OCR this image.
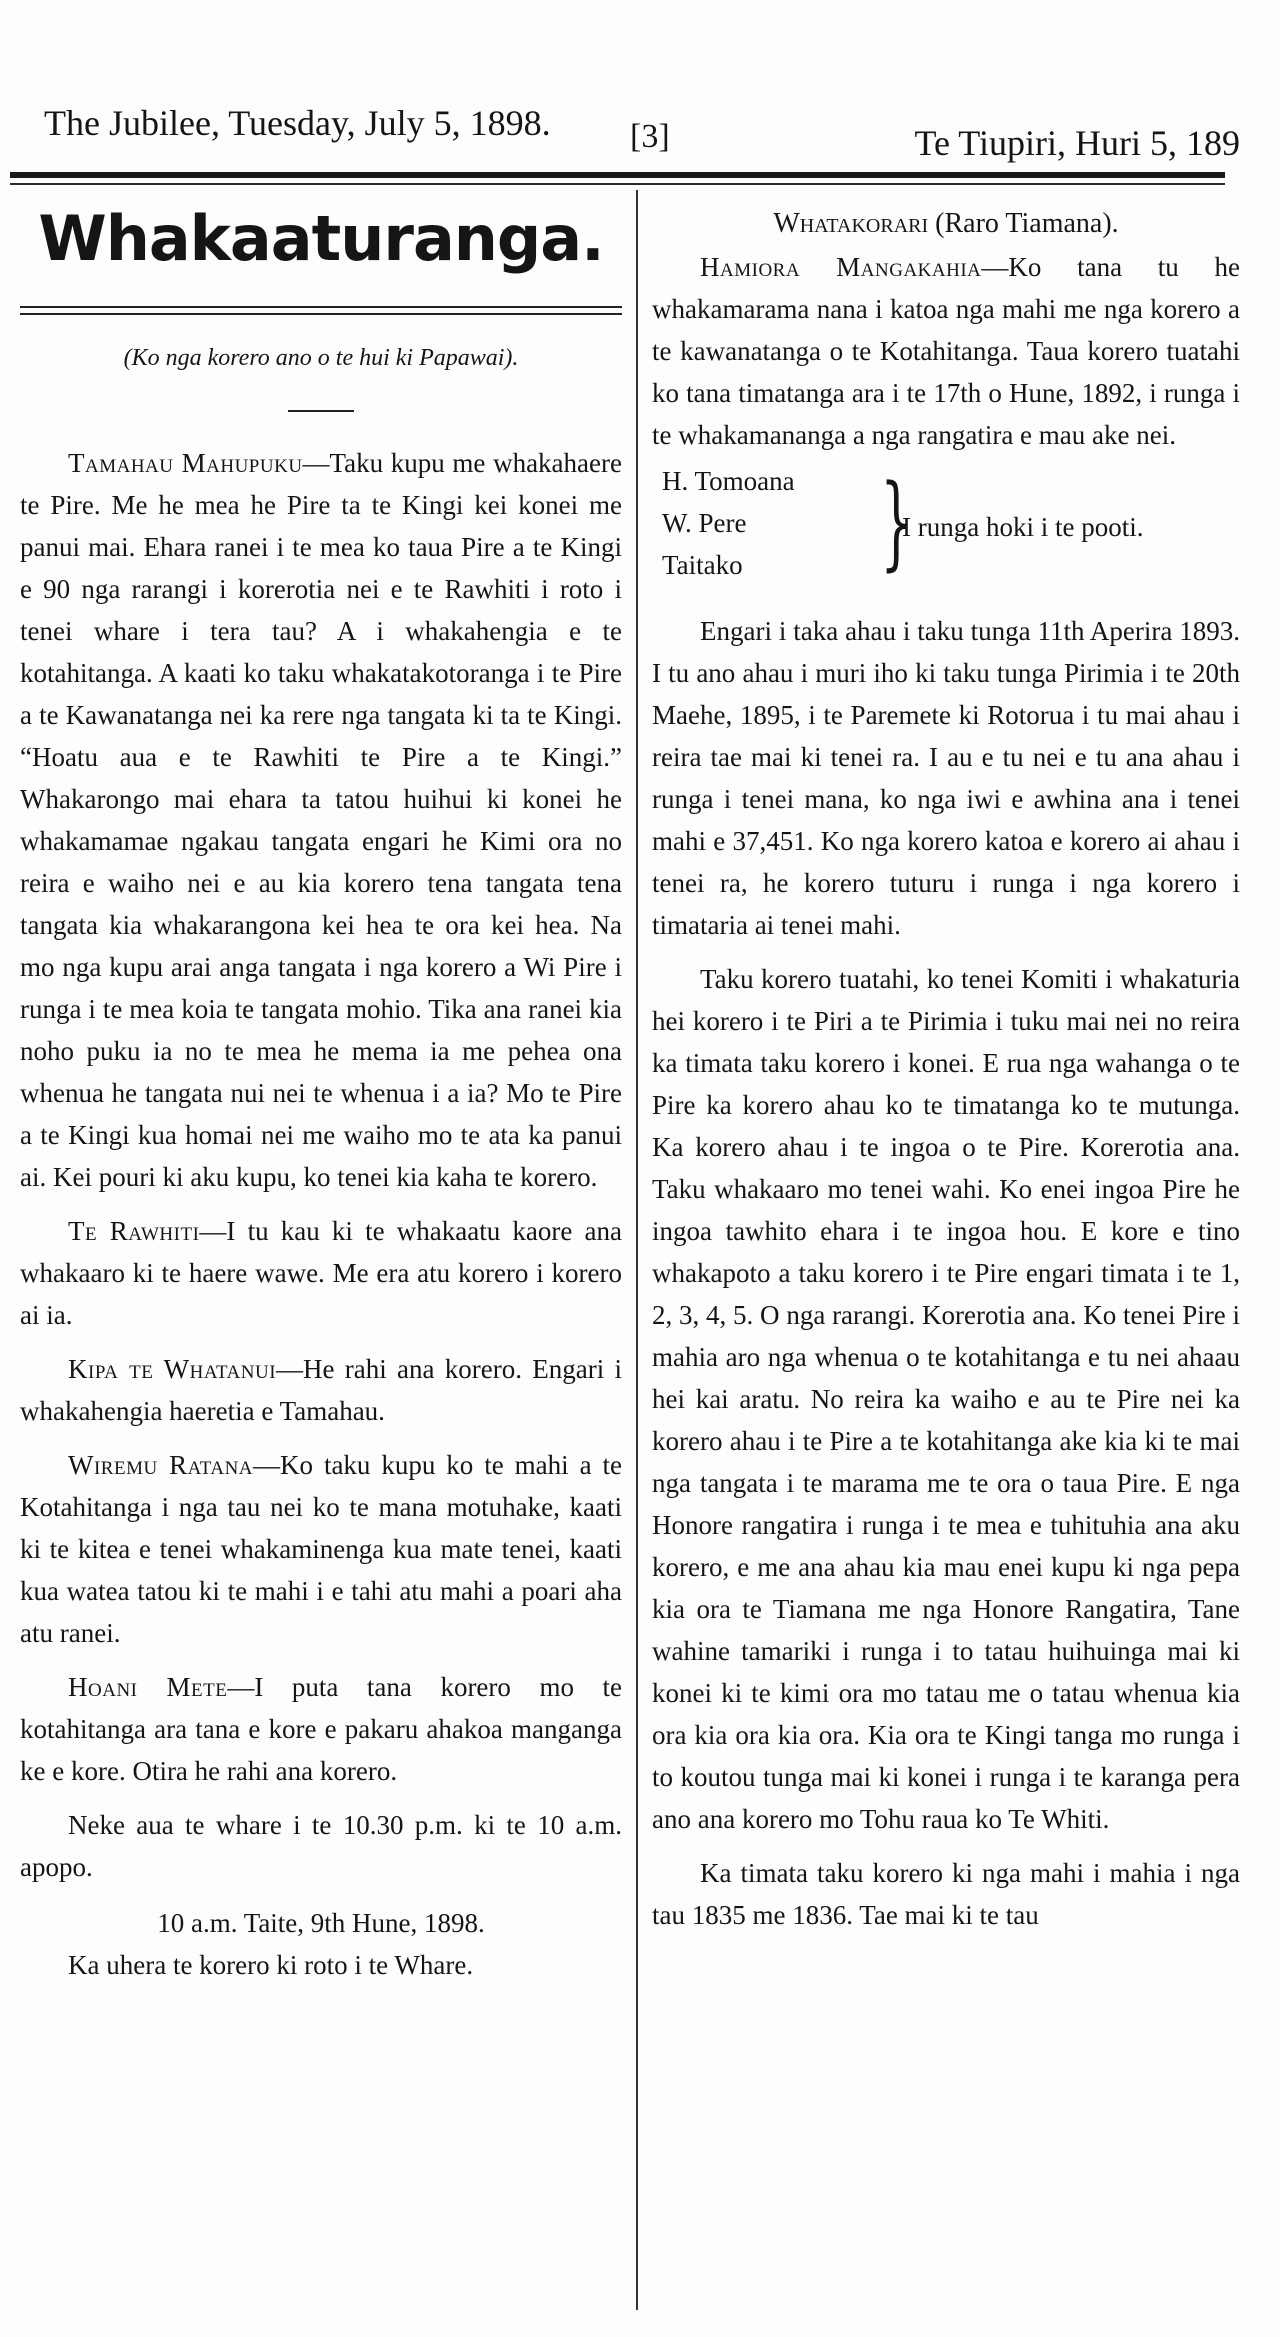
The Jubilee, Tuesday, July 5, 1898. [3]	Te Tiupiri, Huri 5, 189
Whakaaturanga.
(Ko nga korero ano o te hui ki Papawai).

Tamahau Mahupuku—Taku kupu me whakahaere te Pire. Me he mea he Pire ta te Kingi kei konei me panui mai. Ehara ranei i te mea ko taua Pire a te Kingi e 90 nga rarangi i korerotia nei e te Rawhiti i roto i tenei whare i tera tau? A i whakahengia e te kotahitanga. A kaati ko taku whakatakotoranga i te Pire a te Kawanatanga nei ka rere nga tangata ki ta te Kingi. “Hoatu aua e te Rawhiti te Pire a te Kingi.” Whakarongo mai ehara ta tatou huihui ki konei he whakamamae ngakau tangata engari he Kimi ora no reira e waiho nei e au kia korero tena tangata tena tangata kia whakarangona kei hea te ora kei hea. Na mo nga kupu arai anga tangata i nga korero a Wi Pire i runga i te mea koia te tangata mohio. Tika ana ranei kia noho puku ia no te mea he mema ia me pehea ona whenua he tangata nui nei te whenua i a ia? Mo te Pire a te Kingi kua homai nei me waiho mo te ata ka panui ai. Kei pouri ki aku kupu, ko tenei kia kaha te korero.

Te Rawhiti—I tu kau ki te whakaatu kaore ana whakaaro ki te haere wawe. Me era atu korero i korero ai ia.

Kipa te Whatanui—He rahi ana korero. Engari i whakahengia haeretia e Tamahau.

Wiremu Ratana—Ko taku kupu ko te mahi a te Kotahitanga i nga tau nei ko te mana motuhake, kaati ki te kitea e tenei whakaminenga kua mate tenei, kaati kua watea tatou ki te mahi i e tahi atu mahi a poari aha atu ranei.

Hoani Mete—I puta tana korero mo te kotahitanga ara tana e kore e pakaru ahakoa manganga ke e kore. Otira he rahi ana korero.

Neke aua te whare i te 10.30 p.m. ki te 10 a.m. apopo.

10 a.m. Taite, 9th Hune, 1898.

Ka uhera te korero ki roto i te Whare.

Whatakorari (Raro Tiamana).

Hamiora Mangakahia—Ko tana tu he whakamarama nana i katoa nga mahi me nga korero a te kawanatanga o te Kotahitanga. Taua korero tuatahi ko tana timatanga ara i te 17th o Hune, 1892, i runga i te whakamananga a nga rangatira e mau ake nei.

H. Tomoana
W. Pere
Taitako	}
I runga hoki i te pooti.

Engari i taka ahau i taku tunga 11th Aperira 1893. I tu ano ahau i muri iho ki taku tunga Pirimia i te 20th Maehe, 1895, i te Paremete ki Rotorua i tu mai ahau i reira tae mai ki tenei ra. I au e tu nei e tu ana ahau i runga i tenei mana, ko nga iwi e awhina ana i tenei mahi e 37,451. Ko nga korero katoa e korero ai ahau i tenei ra, he korero tuturu i runga i nga korero i timataria ai tenei mahi.

Taku korero tuatahi, ko tenei Komiti i whakaturia hei korero i te Piri a te Pirimia i tuku mai nei no reira ka timata taku korero i konei. E rua nga wahanga o te Pire ka korero ahau ko te timatanga ko te mutunga. Ka korero ahau i te ingoa o te Pire. Korerotia ana. Taku whakaaro mo tenei wahi. Ko enei ingoa Pire he ingoa tawhito ehara i te ingoa hou. E kore e tino whakapoto a taku korero i te Pire engari timata i te 1, 2, 3, 4, 5. O nga rarangi. Korerotia ana. Ko tenei Pire i mahia aro nga whenua o te kotahitanga e tu nei ahaau hei kai aratu. No reira ka waiho e au te Pire nei ka korero ahau i te Pire a te kotahitanga ake kia ki te mai nga tangata i te marama me te ora o taua Pire. E nga Honore rangatira i runga i te mea e tuhituhia ana aku korero, e me ana ahau kia mau enei kupu ki nga pepa kia ora te Tiamana me nga Honore Rangatira, Tane wahine tamariki i runga i to tatau huihuinga mai ki konei ki te kimi ora mo tatau me o tatau whenua kia ora kia ora kia ora. Kia ora te Kingi tanga mo runga i to koutou tunga mai ki konei i runga i te karanga pera ano ana korero mo Tohu raua ko Te Whiti.

Ka timata taku korero ki nga mahi i mahia i nga tau 1835 me 1836. Tae mai ki te tau
